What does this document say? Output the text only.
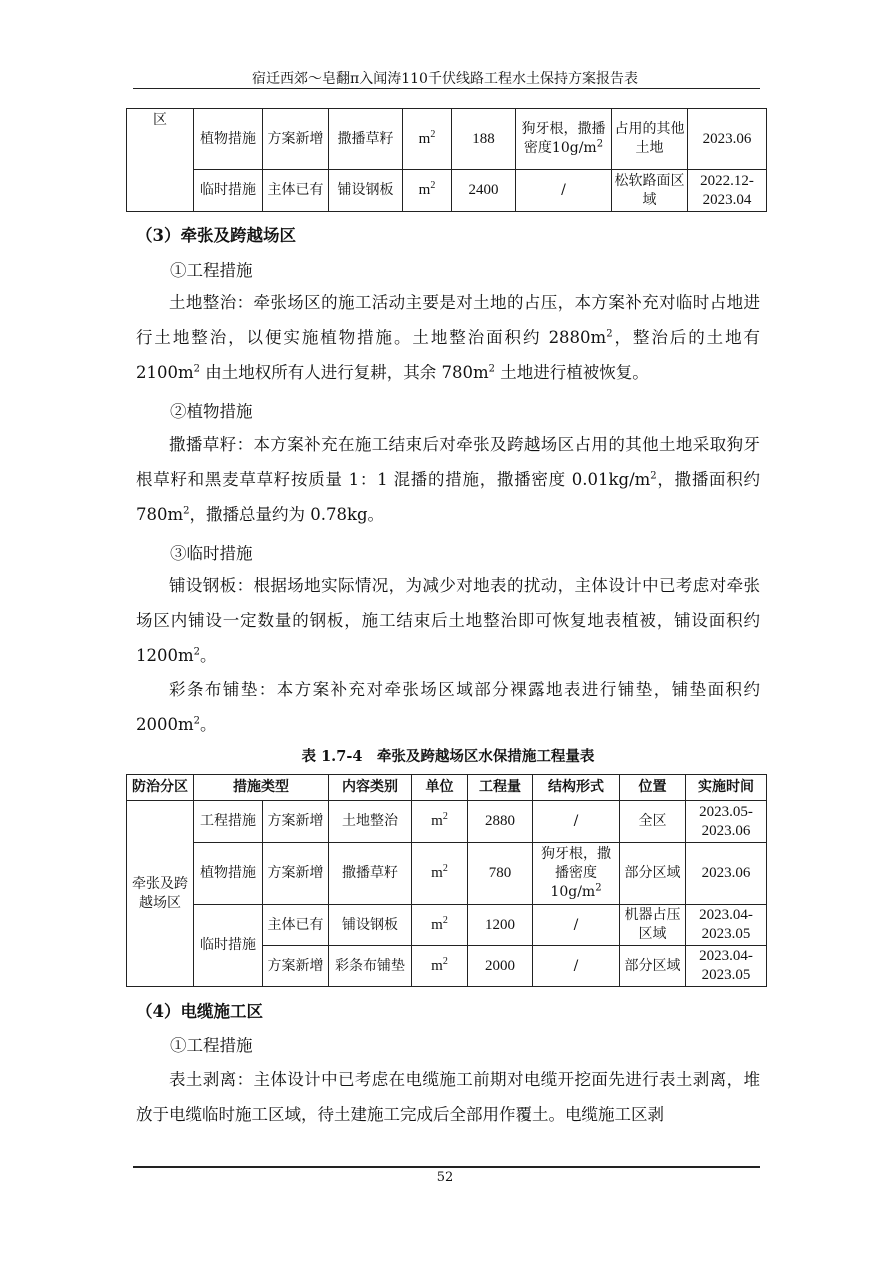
宿迁西郊～皂翻π入闻涛110千伏线路工程水土保持方案报告表
区	植物措施	方案新增	撒播草籽	$m^2$	188	狗牙根，撒播密度$10g/m^2$	占用的其他土地	2023.06
	临时措施	主体已有	铺设钢板	$m^2$	2400	/	松软路面区域	2022.12-2023.04
（3）牵张及跨越场区
①工程措施
土地整治：牵张场区的施工活动主要是对土地的占压，本方案补充对临时占地进行土地整治，以便实施植物措施。土地整治面积约 $2880m^2$，整治后的土地有 $2100m^2$ 由土地权所有人进行复耕，其余 $780m^2$ 土地进行植被恢复。
②植物措施
撒播草籽：本方案补充在施工结束后对牵张及跨越场区占用的其他土地采取狗牙根草籽和黑麦草草籽按质量 1：1 混播的措施，撒播密度 $0.01kg/m^2$，撒播面积约 $780m^2$，撒播总量约为 0.78kg。
③临时措施
铺设钢板：根据场地实际情况，为减少对地表的扰动，主体设计中已考虑对牵张场区内铺设一定数量的钢板，施工结束后土地整治即可恢复地表植被，铺设面积约 $1200m^2$。
彩条布铺垫：本方案补充对牵张场区域部分裸露地表进行铺垫，铺垫面积约 $2000m^2$。
表 1.7-4　牵张及跨越场区水保措施工程量表
防治分区	措施类型		内容类别	单位	工程量	结构形式	位置	实施时间
牵张及跨越场区	工程措施	方案新增	土地整治	$m^2$	2880	/	全区	2023.05-2023.06
	植物措施	方案新增	撒播草籽	$m^2$	780	狗牙根，撒播密度$10g/m^2$	部分区域	2023.06
	临时措施	主体已有	铺设钢板	$m^2$	1200	/	机器占压区域	2023.04-2023.05
		方案新增	彩条布铺垫	$m^2$	2000	/	部分区域	2023.04-2023.05
（4）电缆施工区
①工程措施
表土剥离：主体设计中已考虑在电缆施工前期对电缆开挖面先进行表土剥离，堆放于电缆临时施工区域，待土建施工完成后全部用作覆土。电缆施工区剥
52
